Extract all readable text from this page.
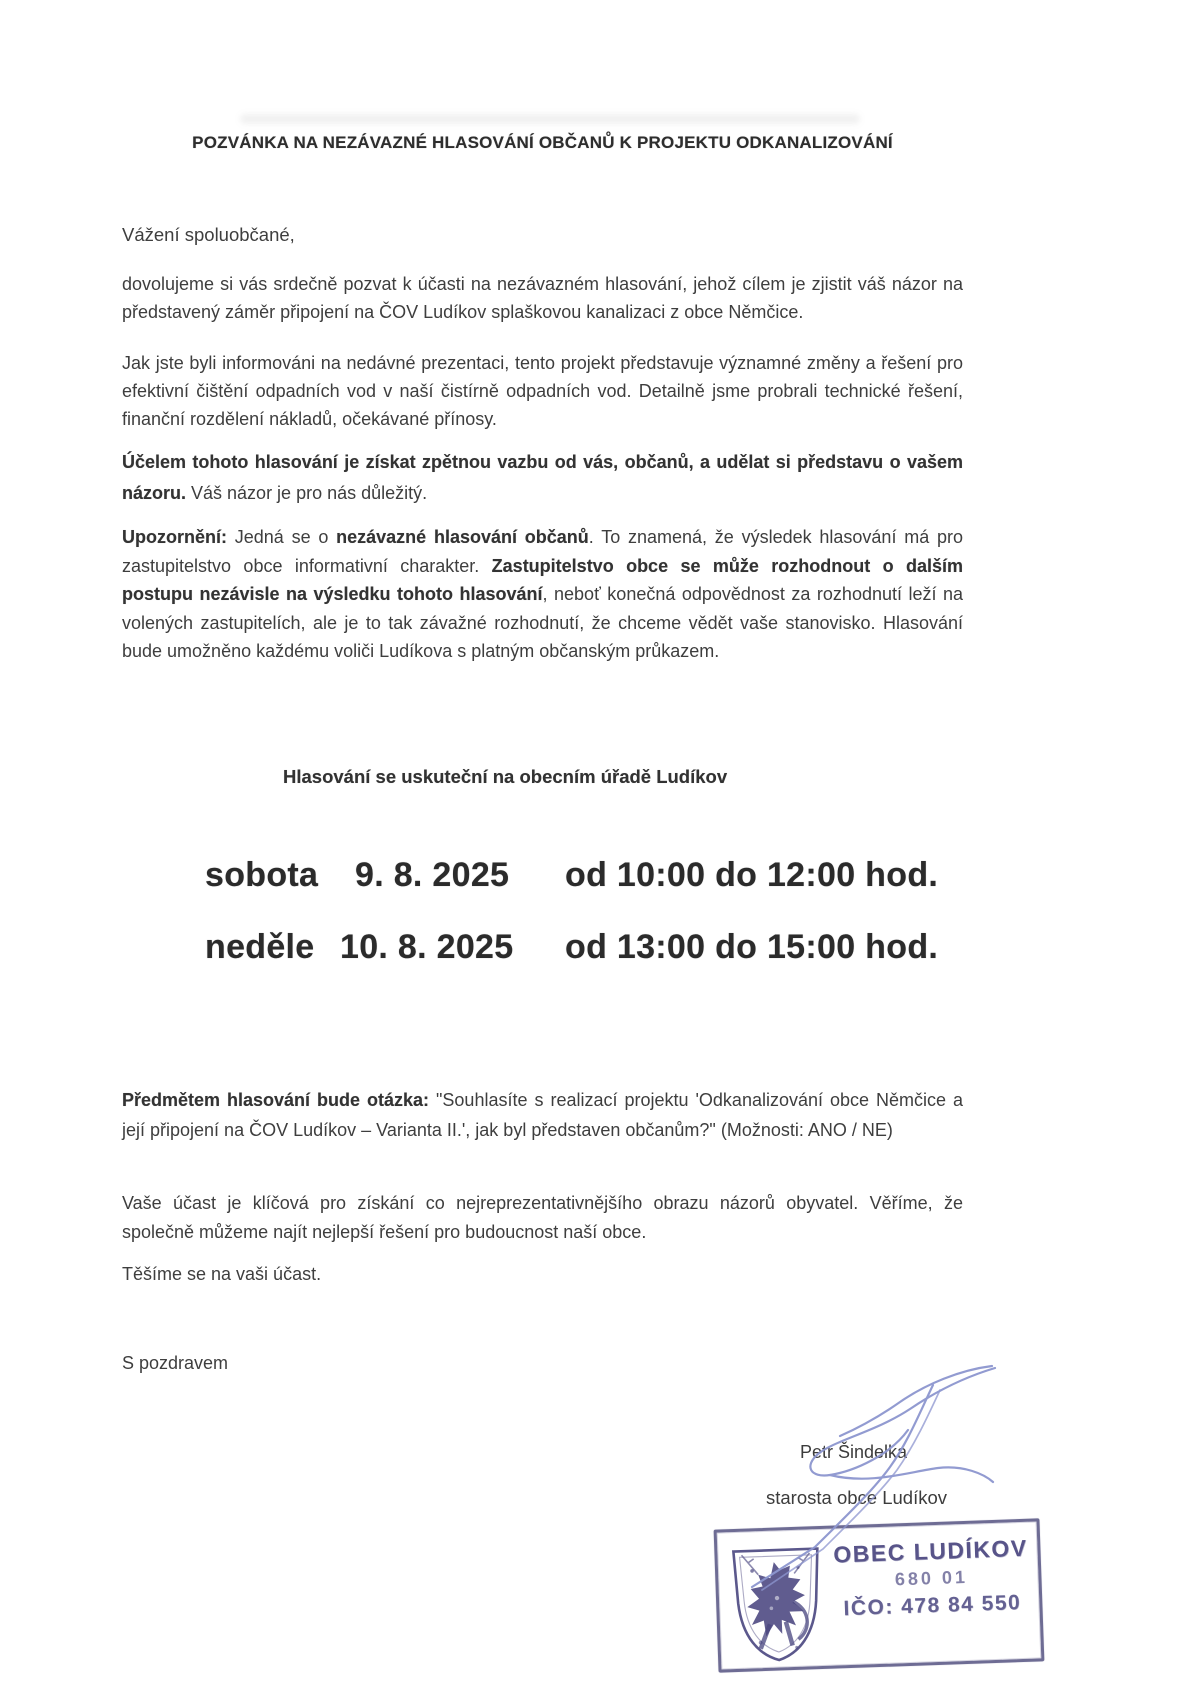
POZVÁNKA NA NEZÁVAZNÉ HLASOVÁNÍ OBČANŮ K PROJEKTU ODKANALIZOVÁNÍ
Vážení spoluobčané,
dovolujeme si vás srdečně pozvat k účasti na nezávazném hlasování, jehož cílem je zjistit váš názor na představený záměr připojení na ČOV Ludíkov splaškovou kanalizaci z obce Němčice.
Jak jste byli informováni na nedávné prezentaci, tento projekt představuje významné změny a řešení pro efektivní čištění odpadních vod v naší čistírně odpadních vod. Detailně jsme probrali technické řešení, finanční rozdělení nákladů, očekávané přínosy.
Účelem tohoto hlasování je získat zpětnou vazbu od vás, občanů, a udělat si představu o vašem názoru. Váš názor je pro nás důležitý.
Upozornění: Jedná se o nezávazné hlasování občanů. To znamená, že výsledek hlasování má pro zastupitelstvo obce informativní charakter. Zastupitelstvo obce se může rozhodnout o dalším postupu nezávisle na výsledku tohoto hlasování, neboť konečná odpovědnost za rozhodnutí leží na volených zastupitelích, ale je to tak závažné rozhodnutí, že chceme vědět vaše stanovisko. Hlasování bude umožněno každému voliči Ludíkova s platným občanským průkazem.
Hlasování se uskuteční na obecním úřadě Ludíkov
sobota	9. 8. 2025	od 10:00 do 12:00 hod.
neděle 10. 8. 2025	od 13:00 do 15:00 hod.
Předmětem hlasování bude otázka: "Souhlasíte s realizací projektu 'Odkanalizování obce Němčice a její připojení na ČOV Ludíkov – Varianta II.', jak byl představen občanům?" (Možnosti: ANO / NE)
Vaše účast je klíčová pro získání co nejreprezentativnějšího obrazu názorů obyvatel. Věříme, že společně můžeme najít nejlepší řešení pro budoucnost naší obce.
Těšíme se na vaši účast.
S pozdravem
Petr Šindelka
starosta obce Ludíkov
OBEC LUDÍKOV
680 01
IČO: 478 84 550
